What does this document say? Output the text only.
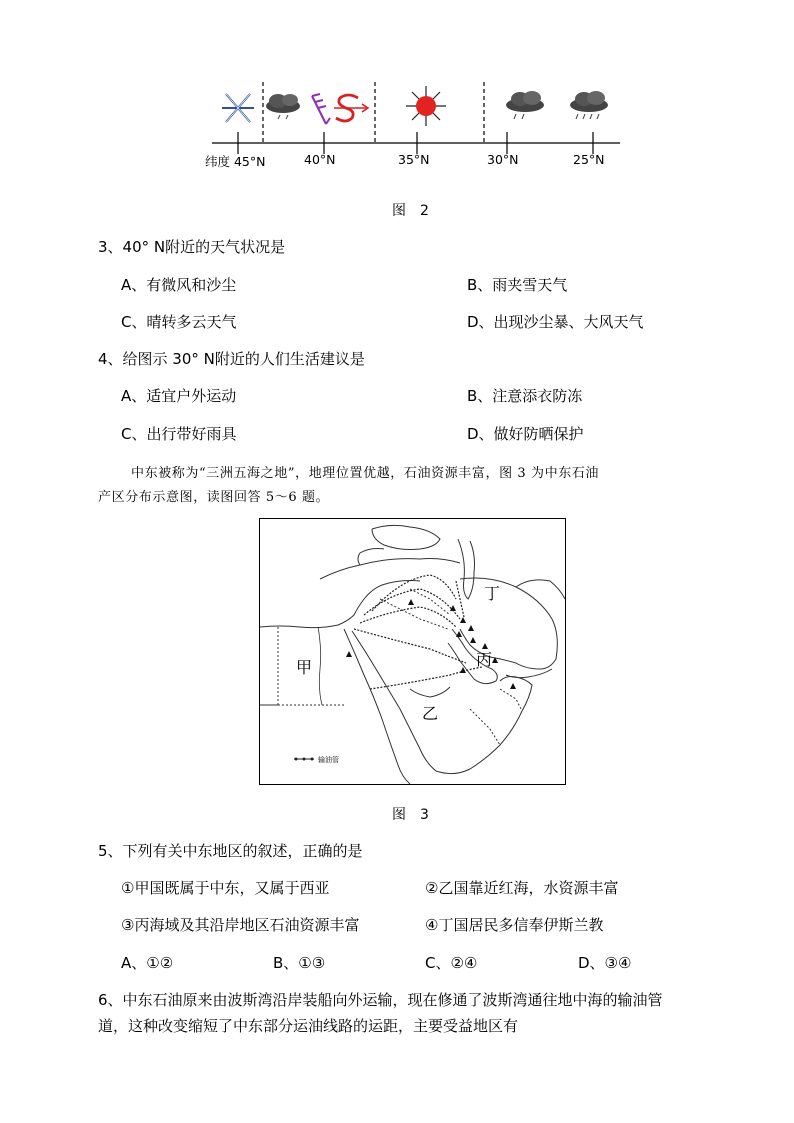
纬度 45°N	40°N	35°N	30°N	25°N
图　2
3、40° N附近的天气状况是
A、有微风和沙尘	B、雨夹雪天气
C、晴转多云天气	D、出现沙尘暴、大风天气
4、给图示 30° N附近的人们生活建议是
A、适宜户外运动	B、注意添衣防冻
C、出行带好雨具	D、做好防晒保护
中东被称为“三洲五海之地”，地理位置优越，石油资源丰富，图 3 为中东石油
产区分布示意图，读图回答 5～6 题。
甲
乙
丙
丁
输油管
图　3
5、下列有关中东地区的叙述，正确的是
①甲国既属于中东，又属于西亚	②乙国靠近红海，水资源丰富
③丙海域及其沿岸地区石油资源丰富	④丁国居民多信奉伊斯兰教
A、①②	B、①③	C、②④	D、③④
6、中东石油原来由波斯湾沿岸装船向外运输，现在修通了波斯湾通往地中海的输油管
道，这种改变缩短了中东部分运油线路的运距，主要受益地区有
